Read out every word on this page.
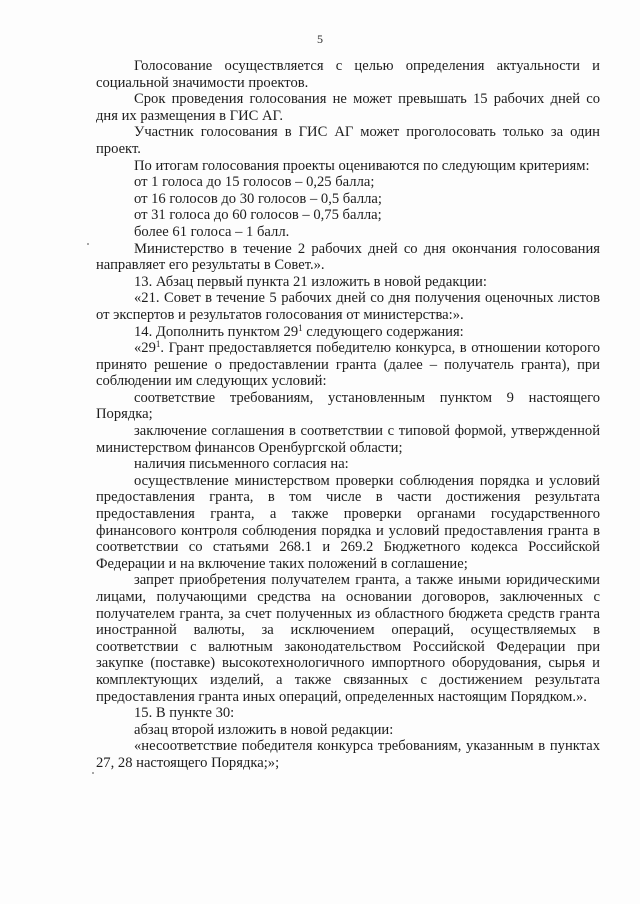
5

Голосование осуществляется с целью определения актуальности и социальной значимости проектов.

Срок проведения голосования не может превышать 15 рабочих дней со дня их размещения в ГИС АГ.

Участник голосования в ГИС АГ может проголосовать только за один проект.

По итогам голосования проекты оцениваются по следующим критериям:

от 1 голоса до 15 голосов – 0,25 балла;

от 16 голосов до 30 голосов – 0,5 балла;

от 31 голоса до 60 голосов – 0,75 балла;

более 61 голоса – 1 балл.

Министерство в течение 2 рабочих дней со дня окончания голосования направляет его результаты в Совет.».

13. Абзац первый пункта 21 изложить в новой редакции:

«21. Совет в течение 5 рабочих дней со дня получения оценочных листов от экспертов и результатов голосования от министерства:».

14. Дополнить пунктом $29^1$ следующего содержания:

«$29^1$. Грант предоставляется победителю конкурса, в отношении которого принято решение о предоставлении гранта (далее – получатель гранта), при соблюдении им следующих условий:

соответствие требованиям, установленным пунктом 9 настоящего Порядка;

заключение соглашения в соответствии с типовой формой, утвержденной министерством финансов Оренбургской области;

наличия письменного согласия на:

осуществление министерством проверки соблюдения порядка и условий предоставления гранта, в том числе в части достижения результата предоставления гранта, а также проверки органами государственного финансового контроля соблюдения порядка и условий предоставления гранта в соответствии со статьями 268.1 и 269.2 Бюджетного кодекса Российской Федерации и на включение таких положений в соглашение;

запрет приобретения получателем гранта, а также иными юридическими лицами, получающими средства на основании договоров, заключенных с получателем гранта, за счет полученных из областного бюджета средств гранта иностранной валюты, за исключением операций, осуществляемых в соответствии с валютным законодательством Российской Федерации при закупке (поставке) высокотехнологичного импортного оборудования, сырья и комплектующих изделий, а также связанных с достижением результата предоставления гранта иных операций, определенных настоящим Порядком.».

15. В пункте 30:

абзац второй изложить в новой редакции:

«несоответствие победителя конкурса требованиям, указанным в пунктах 27, 28 настоящего Порядка;»;
